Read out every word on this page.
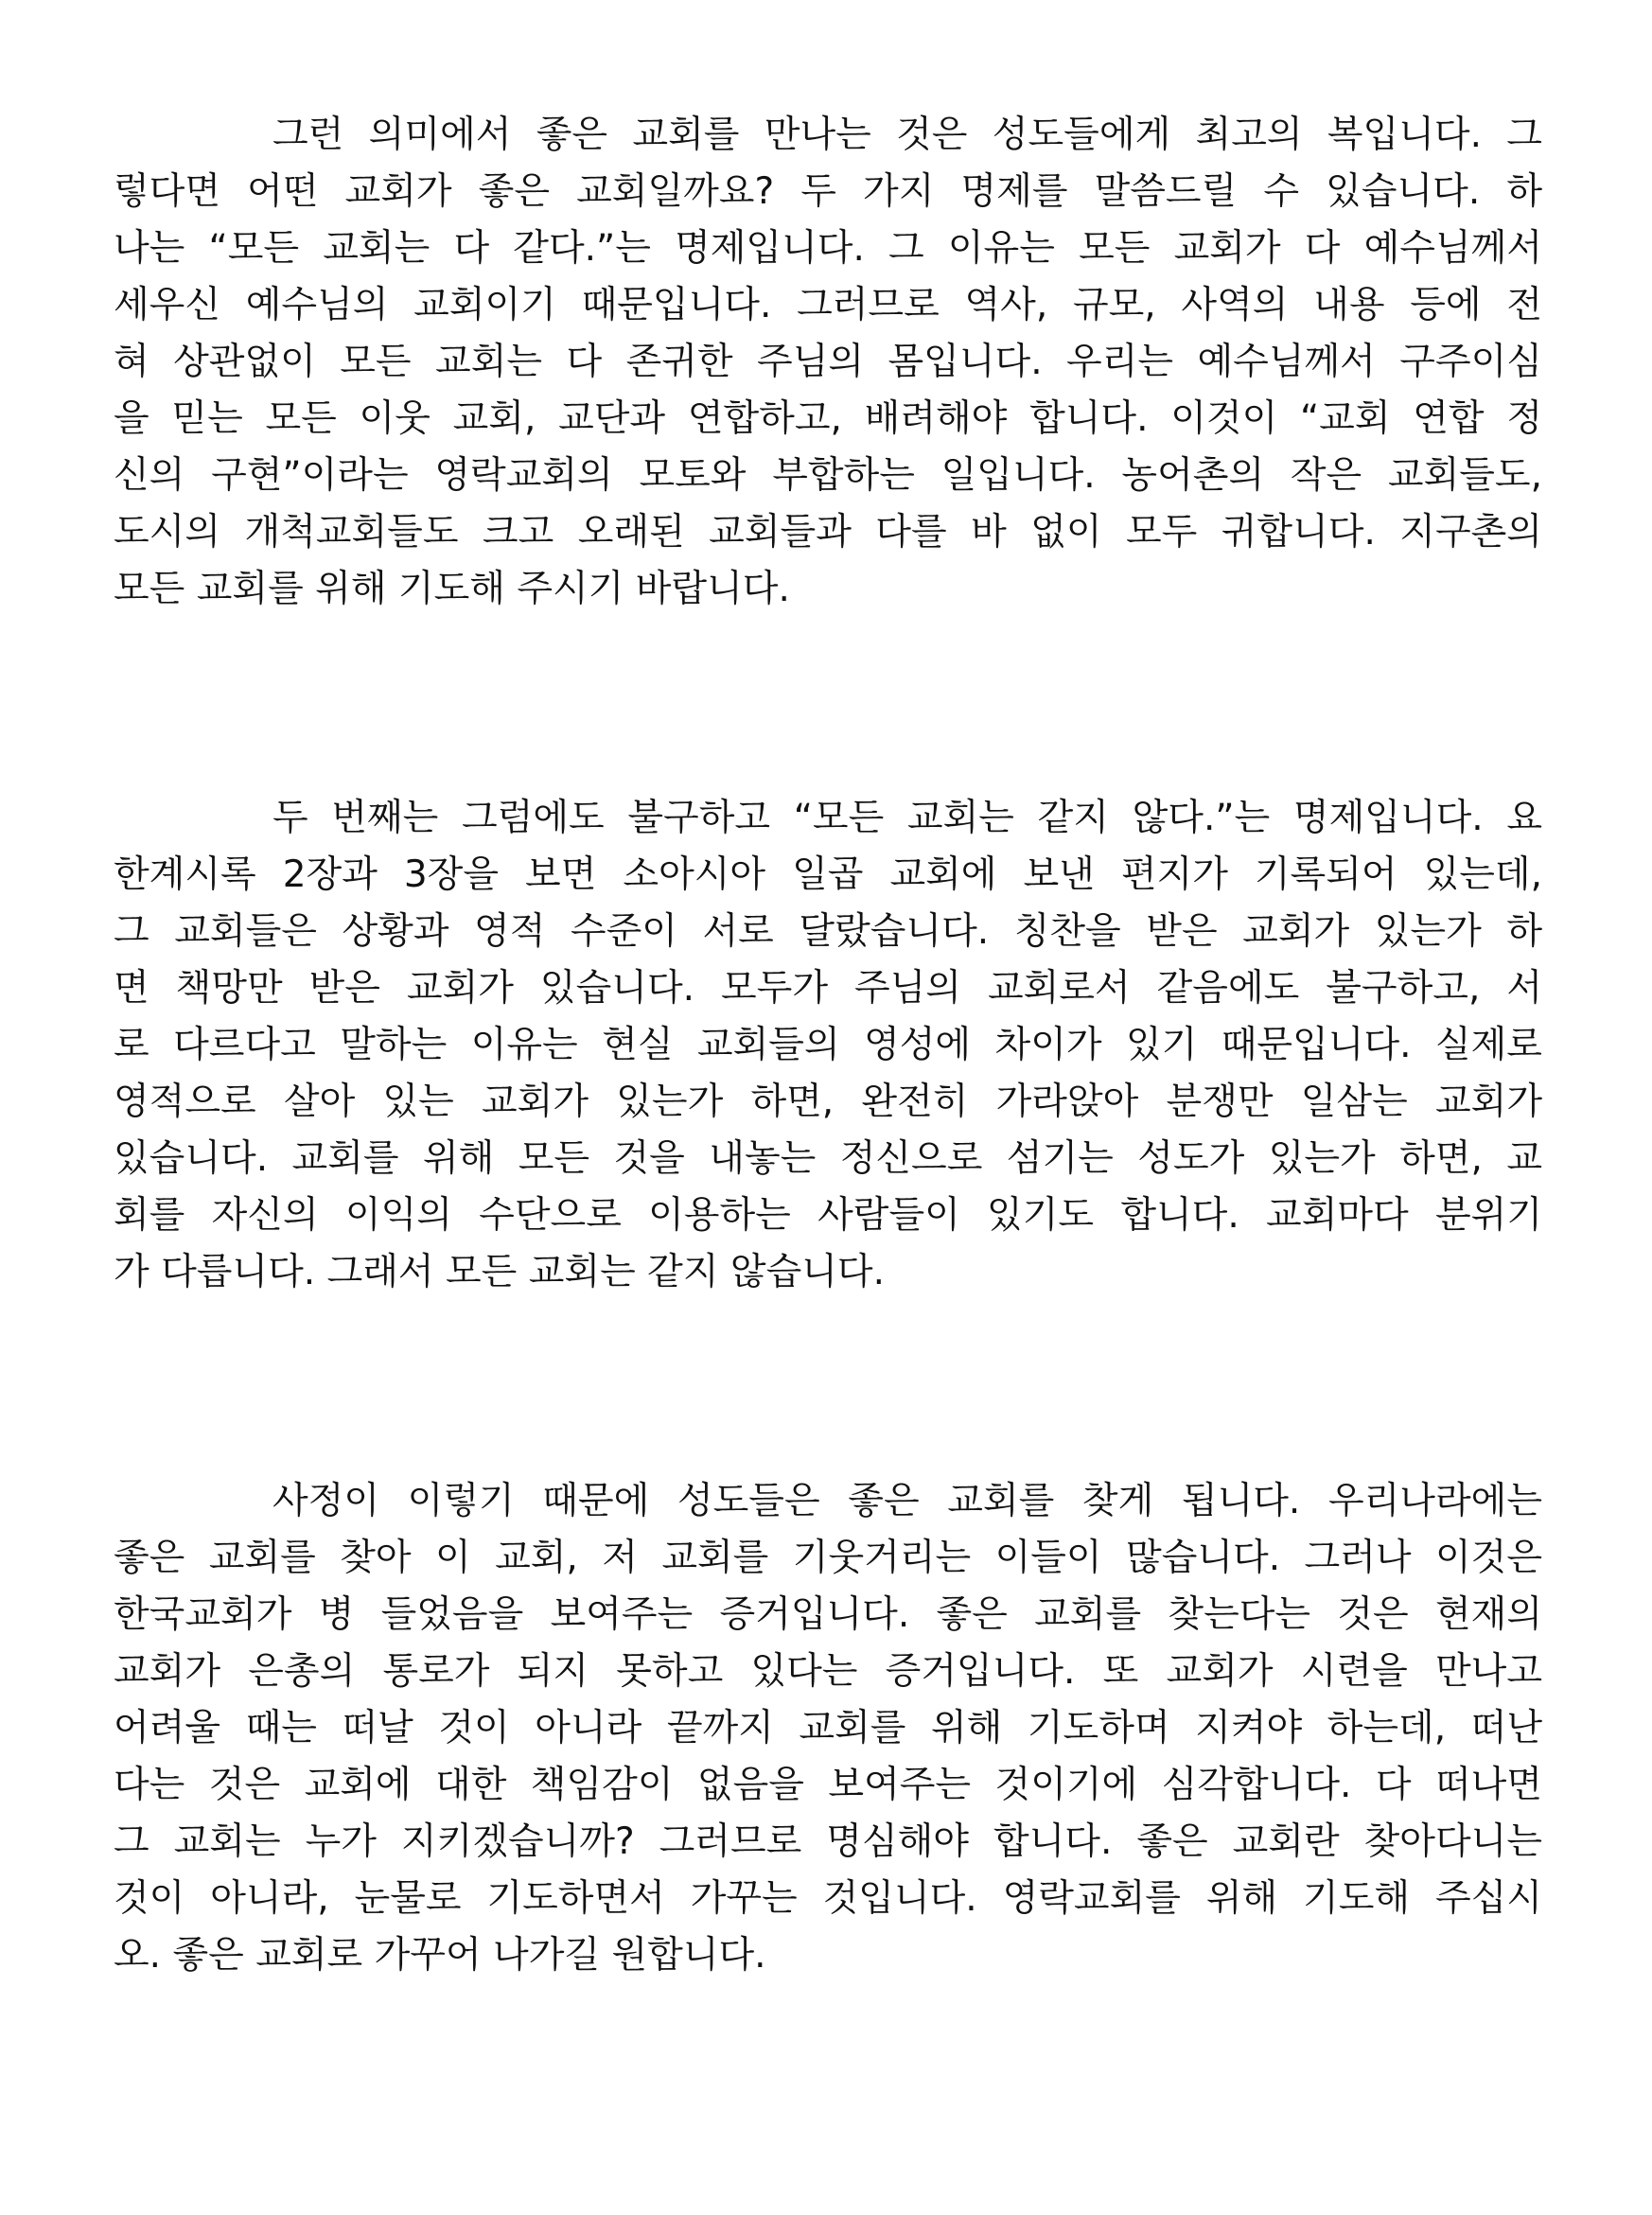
그런 의미에서 좋은 교회를 만나는 것은 성도들에게 최고의 복입니다. 그
렇다면 어떤 교회가 좋은 교회일까요? 두 가지 명제를 말씀드릴 수 있습니다. 하
나는 “모든 교회는 다 같다.”는 명제입니다. 그 이유는 모든 교회가 다 예수님께서
세우신 예수님의 교회이기 때문입니다. 그러므로 역사, 규모, 사역의 내용 등에 전
혀 상관없이 모든 교회는 다 존귀한 주님의 몸입니다. 우리는 예수님께서 구주이심
을 믿는 모든 이웃 교회, 교단과 연합하고, 배려해야 합니다. 이것이 “교회 연합 정
신의 구현”이라는 영락교회의 모토와 부합하는 일입니다. 농어촌의 작은 교회들도,
도시의 개척교회들도 크고 오래된 교회들과 다를 바 없이 모두 귀합니다. 지구촌의
모든 교회를 위해 기도해 주시기 바랍니다.
두 번째는 그럼에도 불구하고 “모든 교회는 같지 않다.”는 명제입니다. 요
한계시록 2장과 3장을 보면 소아시아 일곱 교회에 보낸 편지가 기록되어 있는데,
그 교회들은 상황과 영적 수준이 서로 달랐습니다. 칭찬을 받은 교회가 있는가 하
면 책망만 받은 교회가 있습니다. 모두가 주님의 교회로서 같음에도 불구하고, 서
로 다르다고 말하는 이유는 현실 교회들의 영성에 차이가 있기 때문입니다. 실제로
영적으로 살아 있는 교회가 있는가 하면, 완전히 가라앉아 분쟁만 일삼는 교회가
있습니다. 교회를 위해 모든 것을 내놓는 정신으로 섬기는 성도가 있는가 하면, 교
회를 자신의 이익의 수단으로 이용하는 사람들이 있기도 합니다. 교회마다 분위기
가 다릅니다. 그래서 모든 교회는 같지 않습니다.
사정이 이렇기 때문에 성도들은 좋은 교회를 찾게 됩니다. 우리나라에는
좋은 교회를 찾아 이 교회, 저 교회를 기웃거리는 이들이 많습니다. 그러나 이것은
한국교회가 병 들었음을 보여주는 증거입니다. 좋은 교회를 찾는다는 것은 현재의
교회가 은총의 통로가 되지 못하고 있다는 증거입니다. 또 교회가 시련을 만나고
어려울 때는 떠날 것이 아니라 끝까지 교회를 위해 기도하며 지켜야 하는데, 떠난
다는 것은 교회에 대한 책임감이 없음을 보여주는 것이기에 심각합니다. 다 떠나면
그 교회는 누가 지키겠습니까? 그러므로 명심해야 합니다. 좋은 교회란 찾아다니는
것이 아니라, 눈물로 기도하면서 가꾸는 것입니다. 영락교회를 위해 기도해 주십시
오. 좋은 교회로 가꾸어 나가길 원합니다.
